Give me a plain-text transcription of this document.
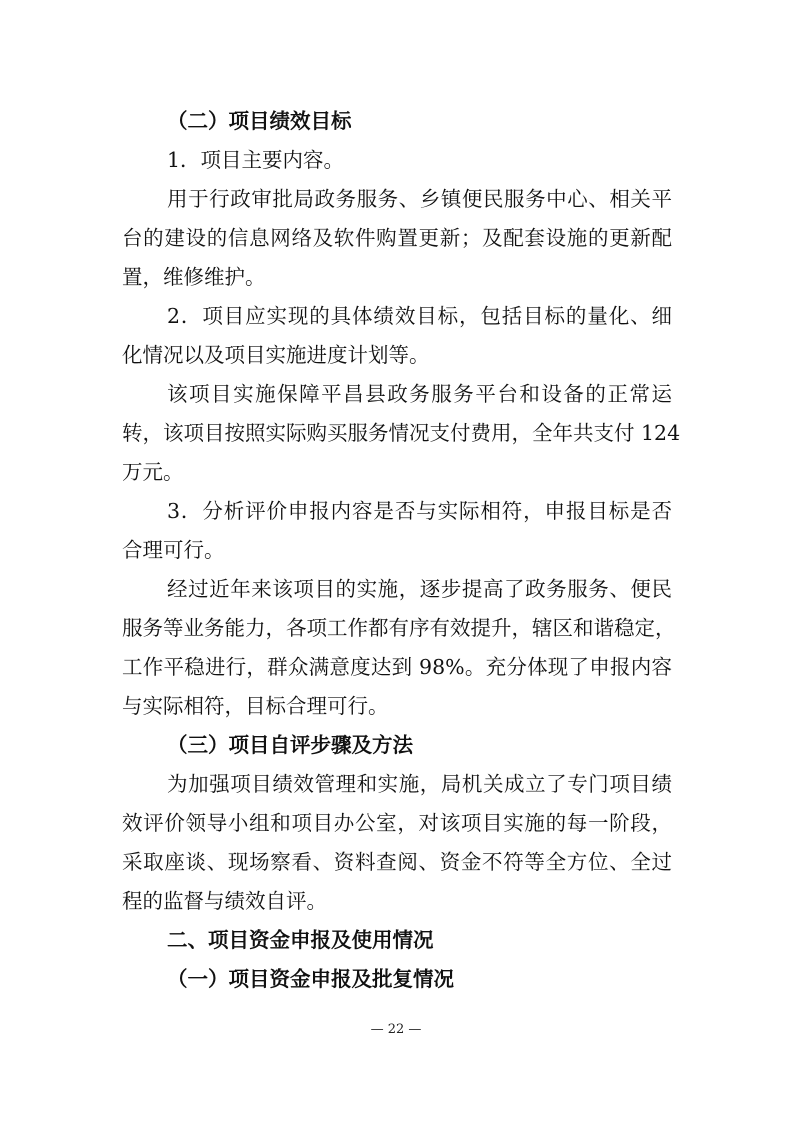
（二）项目绩效目标
1．项目主要内容。
用于行政审批局政务服务、乡镇便民服务中心、相关平
台的建设的信息网络及软件购置更新；及配套设施的更新配
置，维修维护。
2．项目应实现的具体绩效目标，包括目标的量化、细
化情况以及项目实施进度计划等。
该项目实施保障平昌县政务服务平台和设备的正常运
转，该项目按照实际购买服务情况支付费用，全年共支付 124
万元。
3．分析评价申报内容是否与实际相符，申报目标是否
合理可行。
经过近年来该项目的实施，逐步提高了政务服务、便民
服务等业务能力，各项工作都有序有效提升，辖区和谐稳定，
工作平稳进行，群众满意度达到 98%。充分体现了申报内容
与实际相符，目标合理可行。
（三）项目自评步骤及方法
为加强项目绩效管理和实施，局机关成立了专门项目绩
效评价领导小组和项目办公室，对该项目实施的每一阶段，
采取座谈、现场察看、资料查阅、资金不符等全方位、全过
程的监督与绩效自评。
二、项目资金申报及使用情况
（一）项目资金申报及批复情况
— 22 —
